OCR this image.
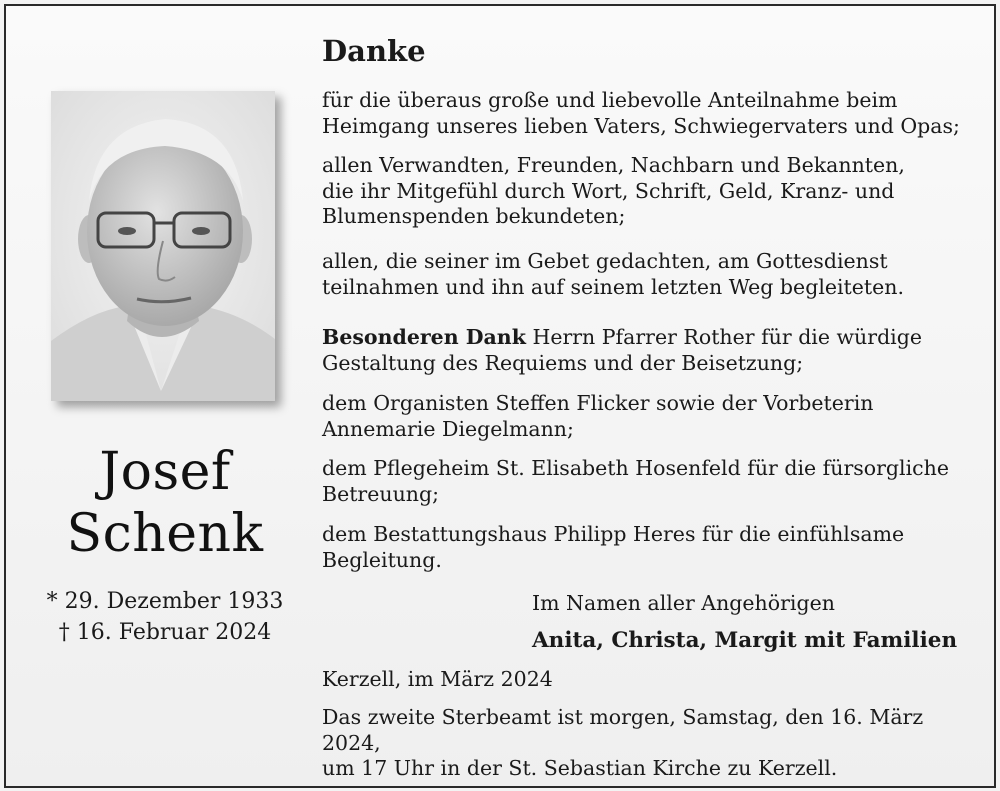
Josef
Schenk
* 29. Dezember 1933
† 16. Februar 2024
Danke
für die überaus große und liebevolle Anteilnahme beim
Heimgang unseres lieben Vaters, Schwiegervaters und Opas;
allen Verwandten, Freunden, Nachbarn und Bekannten,
die ihr Mitgefühl durch Wort, Schrift, Geld, Kranz- und
Blumenspenden bekundeten;
allen, die seiner im Gebet gedachten, am Gottesdienst
teilnahmen und ihn auf seinem letzten Weg begleiteten.
Besonderen Dank Herrn Pfarrer Rother für die würdige
Gestaltung des Requiems und der Beisetzung;
dem Organisten Steffen Flicker sowie der Vorbeterin
Annemarie Diegelmann;
dem Pflegeheim St. Elisabeth Hosenfeld für die fürsorgliche
Betreuung;
dem Bestattungshaus Philipp Heres für die einfühlsame
Begleitung.
Im Namen aller Angehörigen
Anita, Christa, Margit mit Familien
Kerzell, im März 2024
Das zweite Sterbeamt ist morgen, Samstag, den 16. März 2024,
um 17 Uhr in der St. Sebastian Kirche zu Kerzell.
